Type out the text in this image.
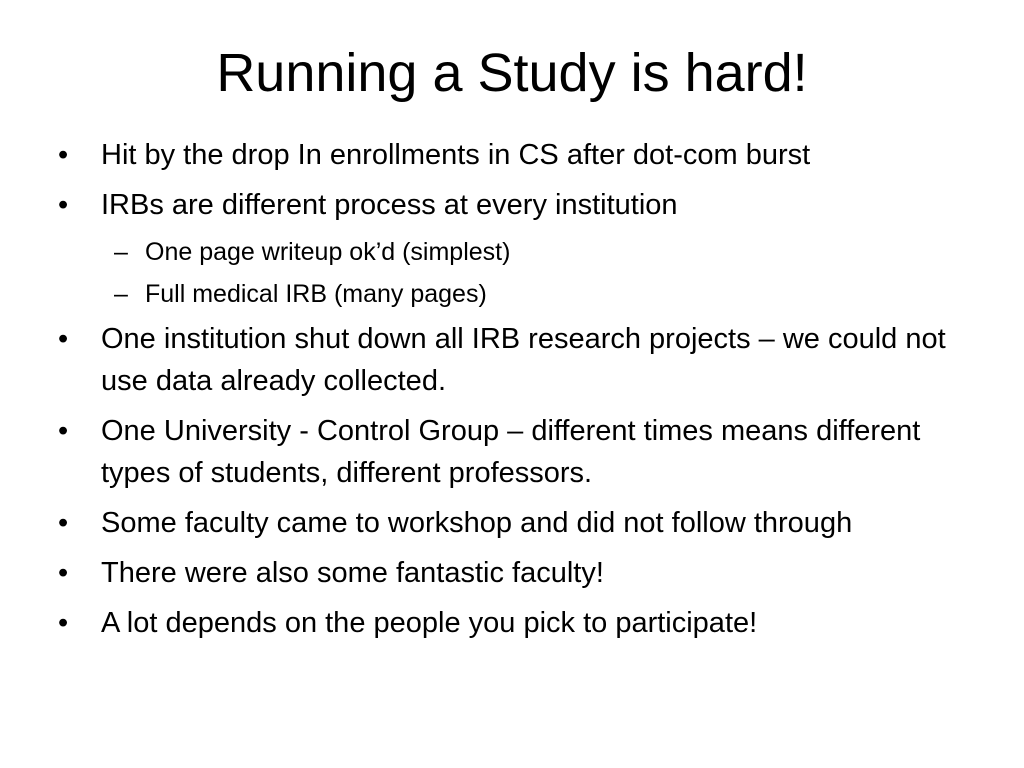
Running a Study is hard!
•	Hit by the drop In enrollments in CS after dot-com burst
•	IRBs are different process at every institution
– One page writeup ok’d (simplest)
– Full medical IRB (many pages)
•	One institution shut down all IRB research projects – we could not use data already collected.
•	One University - Control Group – different times means different types of students, different professors.
•	Some faculty came to workshop and did not follow through
•	There were also some fantastic faculty!
•	A lot depends on the people you pick to participate!
